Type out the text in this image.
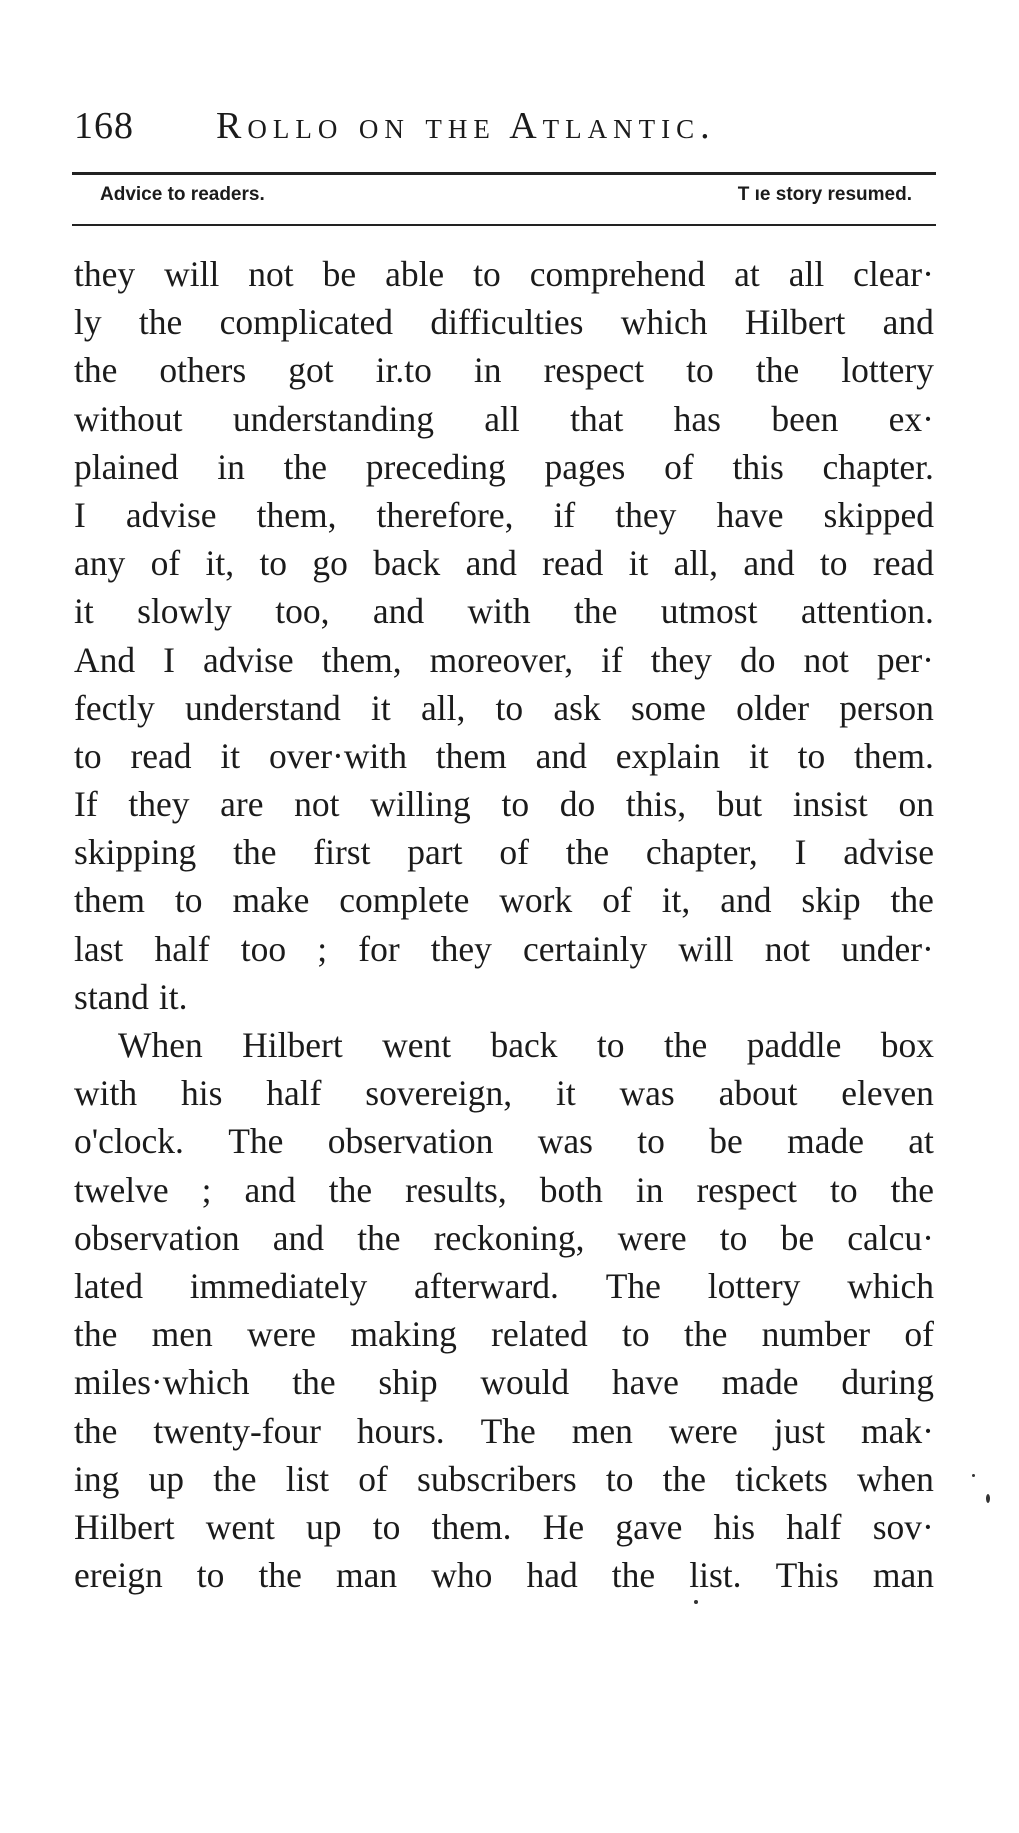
168 Rollo on the Atlantic.
Advice to readers.	T ıe story resumed.
they will not be able to comprehend at all clear·
ly the complicated difficulties which Hilbert and
the others got ir.to in respect to the lottery
without understanding all that has been ex·
plained in the preceding pages of this chapter.
I advise them, therefore, if they have skipped
any of it, to go back and read it all, and to read
it slowly too, and with the utmost attention.
And I advise them, moreover, if they do not per·
fectly understand it all, to ask some older person
to read it over·with them and explain it to them.
If they are not willing to do this, but insist on
skipping the first part of the chapter, I advise
them to make complete work of it, and skip the
last half too ; for they certainly will not under·
stand it.
When Hilbert went back to the paddle box
with his half sovereign, it was about eleven
o'clock. The observation was to be made at
twelve ; and the results, both in respect to the
observation and the reckoning, were to be calcu·
lated immediately afterward. The lottery which
the men were making related to the number of
miles·which the ship would have made during
the twenty-four hours. The men were just mak·
ing up the list of subscribers to the tickets when
Hilbert went up to them. He gave his half sov·
ereign to the man who had the list. This man
